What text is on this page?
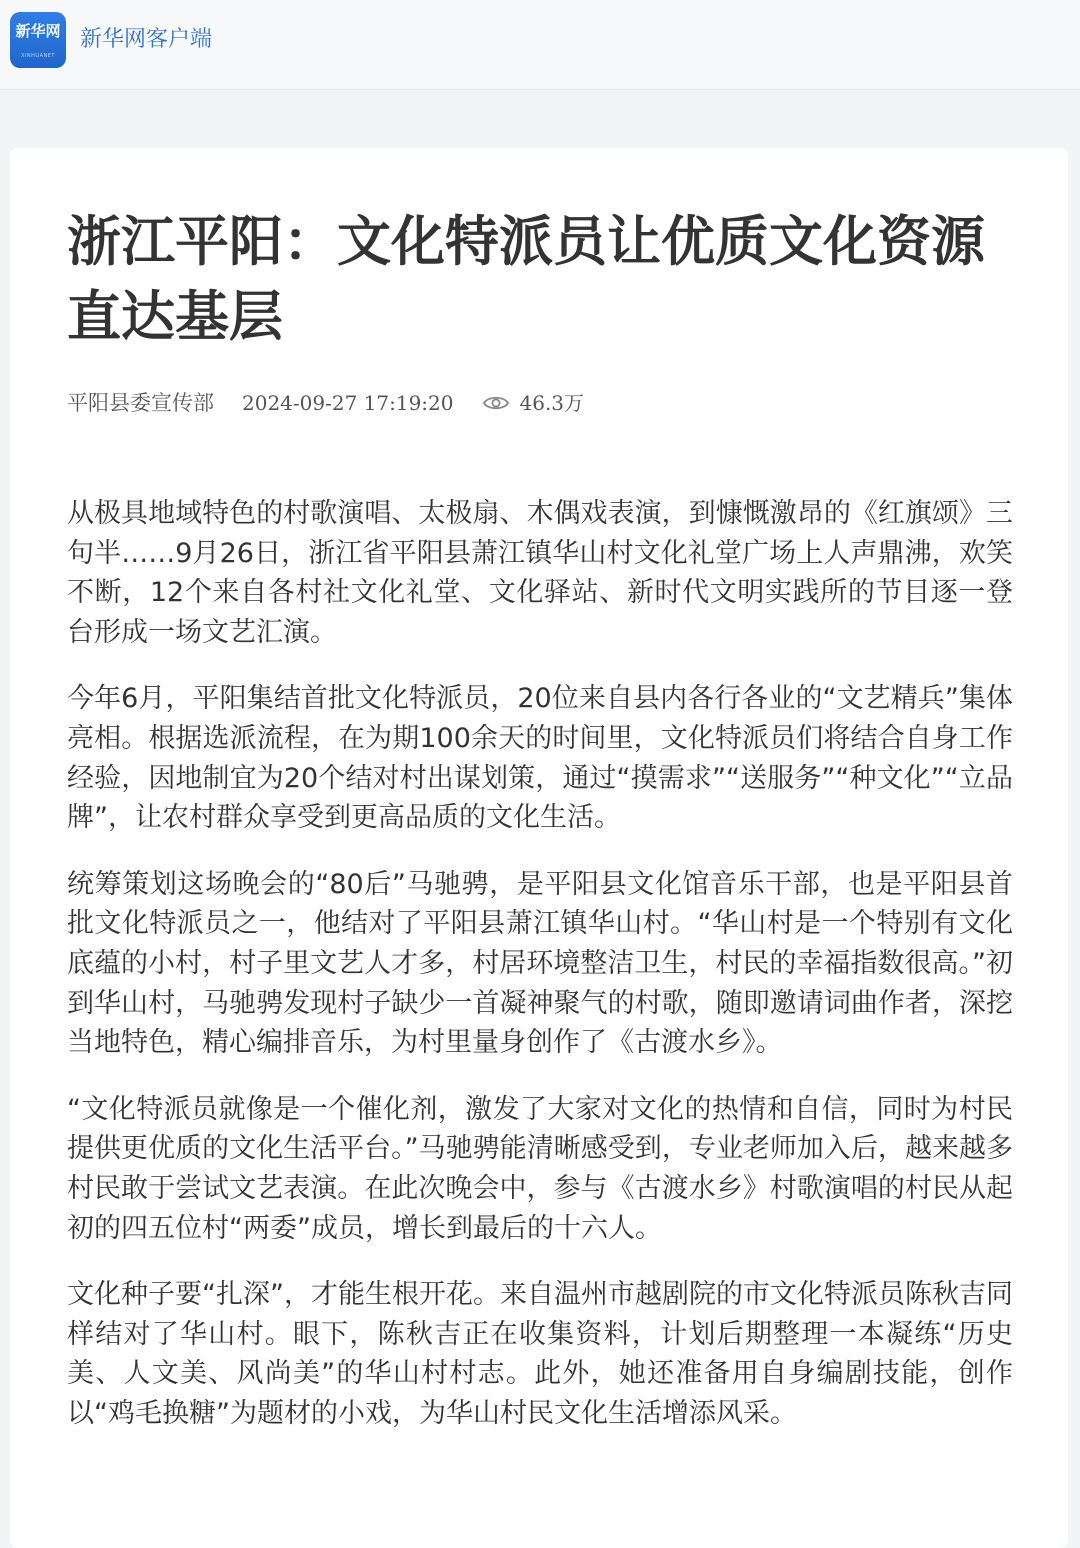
新华网
XINHUANET
新华网客户端
浙江平阳：文化特派员让优质文化资源直达基层
平阳县委宣传部 2024-09-27 17:19:20	46.3万

从极具地域特色的村歌演唱、太极扇、木偶戏表演，到慷慨激昂的《红旗颂》三句半……9月26日，浙江省平阳县萧江镇华山村文化礼堂广场上人声鼎沸，欢笑不断，12个来自各村社文化礼堂、文化驿站、新时代文明实践所的节目逐一登台形成一场文艺汇演。

今年6月，平阳集结首批文化特派员，20位来自县内各行各业的“文艺精兵”集体亮相。根据选派流程，在为期100余天的时间里，文化特派员们将结合自身工作经验，因地制宜为20个结对村出谋划策，通过“摸需求”“送服务”“种文化”“立品牌”，让农村群众享受到更高品质的文化生活。

统筹策划这场晚会的“80后”马驰骋，是平阳县文化馆音乐干部，也是平阳县首批文化特派员之一，他结对了平阳县萧江镇华山村。“华山村是一个特别有文化底蕴的小村，村子里文艺人才多，村居环境整洁卫生，村民的幸福指数很高。”初到华山村，马驰骋发现村子缺少一首凝神聚气的村歌，随即邀请词曲作者，深挖当地特色，精心编排音乐，为村里量身创作了《古渡水乡》。

“文化特派员就像是一个催化剂，激发了大家对文化的热情和自信，同时为村民提供更优质的文化生活平台。”马驰骋能清晰感受到，专业老师加入后，越来越多村民敢于尝试文艺表演。在此次晚会中，参与《古渡水乡》村歌演唱的村民从起初的四五位村“两委”成员，增长到最后的十六人。

文化种子要“扎深”，才能生根开花。来自温州市越剧院的市文化特派员陈秋吉同样结对了华山村。眼下，陈秋吉正在收集资料，计划后期整理一本凝练“历史美、人文美、风尚美”的华山村村志。此外，她还准备用自身编剧技能，创作以“鸡毛换糖”为题材的小戏，为华山村民文化生活增添风采。
